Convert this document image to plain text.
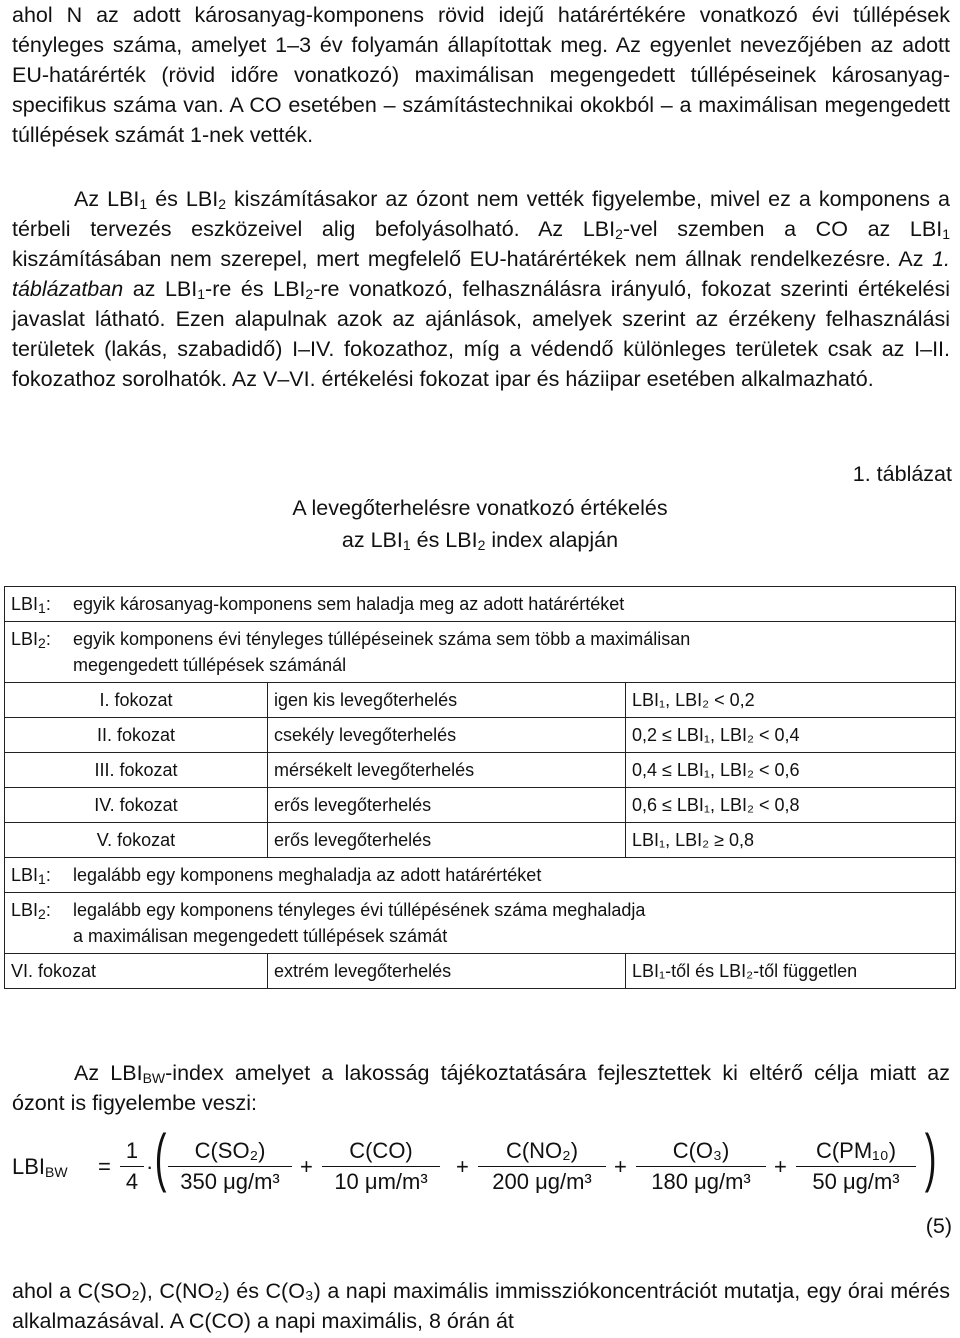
ahol N az adott károsanyag-komponens rövid idejű határértékére vonatkozó évi túllépések tényleges száma, amelyet 1–3 év folyamán állapítottak meg. Az egyenlet nevezőjében az adott EU-határérték (rövid időre vonatkozó) maximálisan megengedett túllépéseinek károsanyag-specifikus száma van. A CO esetében – számítástechnikai okokból – a maximálisan megengedett túllépések számát 1-nek vették.

Az $LBI_1$ és $LBI_2$ kiszámításakor az ózont nem vették figyelembe, mivel ez a komponens a térbeli tervezés eszközeivel alig befolyásolható. Az $LBI_2$-vel szemben a CO az $LBI_1$ kiszámításában nem szerepel, mert megfelelő EU-határértékek nem állnak rendelkezésre. Az 1. táblázatban az $LBI_1-re$ és $LBI_2-re$ vonatkozó, felhasználásra irányuló, fokozat szerinti értékelési javaslat látható. Ezen alapulnak azok az ajánlások, amelyek szerint az érzékeny felhasználási területek (lakás, szabadidő) I–IV. fokozathoz, míg a védendő különleges területek csak az I–II. fokozathoz sorolhatók. Az V–VI. értékelési fokozat ipar és háziipar esetében alkalmazható.

1. táblázat
A levegőterhelésre vonatkozó értékelés
az $LBI_1$ és $LBI_2$ index alapján
$LBI_1$: egyik károsanyag-komponens sem haladja meg az adott határértéket		
$LBI_2$: egyik komponens évi tényleges túllépéseinek száma sem több a maximálisan
megengedett túllépések számánál		
I. fokozat	igen kis levegőterhelés	LBI₁, LBI₂ < 0,2
II. fokozat	csekély levegőterhelés	0,2 ≤ LBI₁, LBI₂ < 0,4
III. fokozat	mérsékelt levegőterhelés	0,4 ≤ LBI₁, LBI₂ < 0,6
IV. fokozat	erős levegőterhelés	0,6 ≤ LBI₁, LBI₂ < 0,8
V. fokozat	erős levegőterhelés	LBI₁, LBI₂ ≥ 0,8
$LBI_1$: legalább egy komponens meghaladja az adott határértéket		
$LBI_2$: legalább egy komponens tényleges évi túllépésének száma meghaladja
a maximálisan megengedett túllépések számát		
VI. fokozat	extrém levegőterhelés	LBI₁-től és LBI₂-től független

Az $LBI_{BW}$-index amelyet a lakosság tájékoztatására fejlesztettek ki eltérő célja miatt az ózont is figyelembe veszi:

$LBI_{BW} = \frac{1}{4}$ · ( $\frac{\text{C(SO₂)}}{\text{350 μg/m³}} + \frac{C(CO)}{\text{10 μm/m³}} + \frac{\text{C(NO₂)}}{\text{200 μg/m³}} + \frac{\text{C(O₃)}}{\text{180 μg/m³}} + \frac{\text{C(PM₁₀)}}{\text{50 μg/m³}}$ )
(5)

ahol a C(SO₂), C(NO₂) és C(O₃) a napi maximális immissziókoncentrációt mutatja, egy órai mérés alkalmazásával. A C(CO) a napi maximális, 8 órán át
